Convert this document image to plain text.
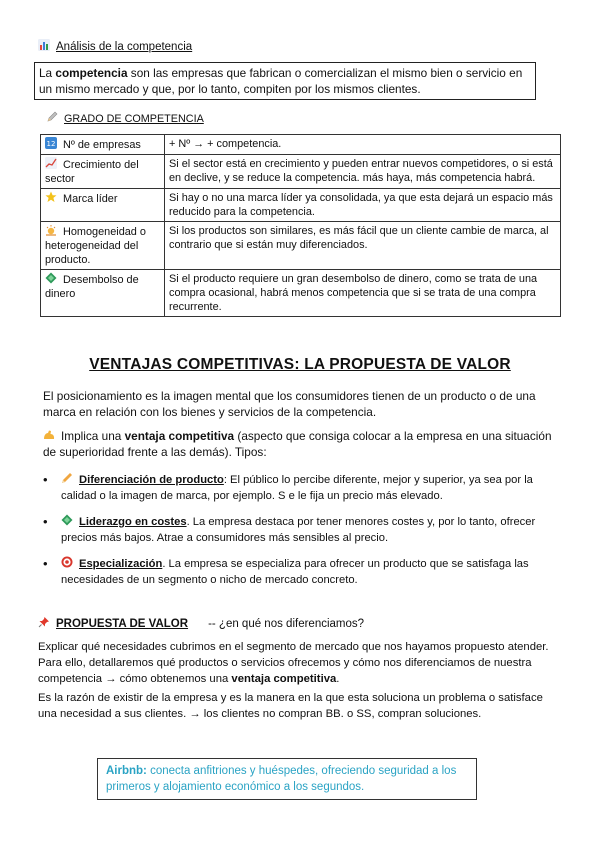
Análisis de la competencia
La competencia son las empresas que fabrican o comercializan el mismo bien o servicio en un mismo mercado y que, por lo tanto, compiten por los mismos clientes.
GRADO DE COMPETENCIA
12 Nº de empresas	+ Nº → + competencia.
Crecimiento del sector	Si el sector está en crecimiento y pueden entrar nuevos competidores, o si está en declive, y se reduce la competencia. más haya, más competencia habrá.
Marca líder	Si hay o no una marca líder ya consolidada, ya que esta dejará un espacio más reducido para la competencia.
Homogeneidad o heterogeneidad del producto.	Si los productos son similares, es más fácil que un cliente cambie de marca, al contrario que si están muy diferenciados.
Desembolso de dinero	Si el producto requiere un gran desembolso de dinero, como se trata de una compra ocasional, habrá menos competencia que si se trata de una compra recurrente.
VENTAJAS COMPETITIVAS: LA PROPUESTA DE VALOR
El posicionamiento es la imagen mental que los consumidores tienen de un producto o de una marca en relación con los bienes y servicios de la competencia.
Implica una ventaja competitiva (aspecto que consiga colocar a la empresa en una situación de superioridad frente a las demás). Tipos:
• Diferenciación de producto: El público lo percibe diferente, mejor y superior, ya sea por la calidad o la imagen de marca, por ejemplo. S e le fija un precio más elevado.
• Liderazgo en costes. La empresa destaca por tener menores costes y, por lo tanto, ofrecer precios más bajos. Atrae a consumidores más sensibles al precio.
• Especialización. La empresa se especializa para ofrecer un producto que se satisfaga las necesidades de un segmento o nicho de mercado concreto.
PROPUESTA DE VALOR -- ¿en qué nos diferenciamos?
Explicar qué necesidades cubrimos en el segmento de mercado que nos hayamos propuesto atender. Para ello, detallaremos qué productos o servicios ofrecemos y cómo nos diferenciamos de nuestra competencia → cómo obtenemos una ventaja competitiva.
Es la razón de existir de la empresa y es la manera en la que esta soluciona un problema o satisface una necesidad a sus clientes. → los clientes no compran BB. o SS, compran soluciones.
Airbnb: conecta anfitriones y huéspedes, ofreciendo seguridad a los primeros y alojamiento económico a los segundos.
